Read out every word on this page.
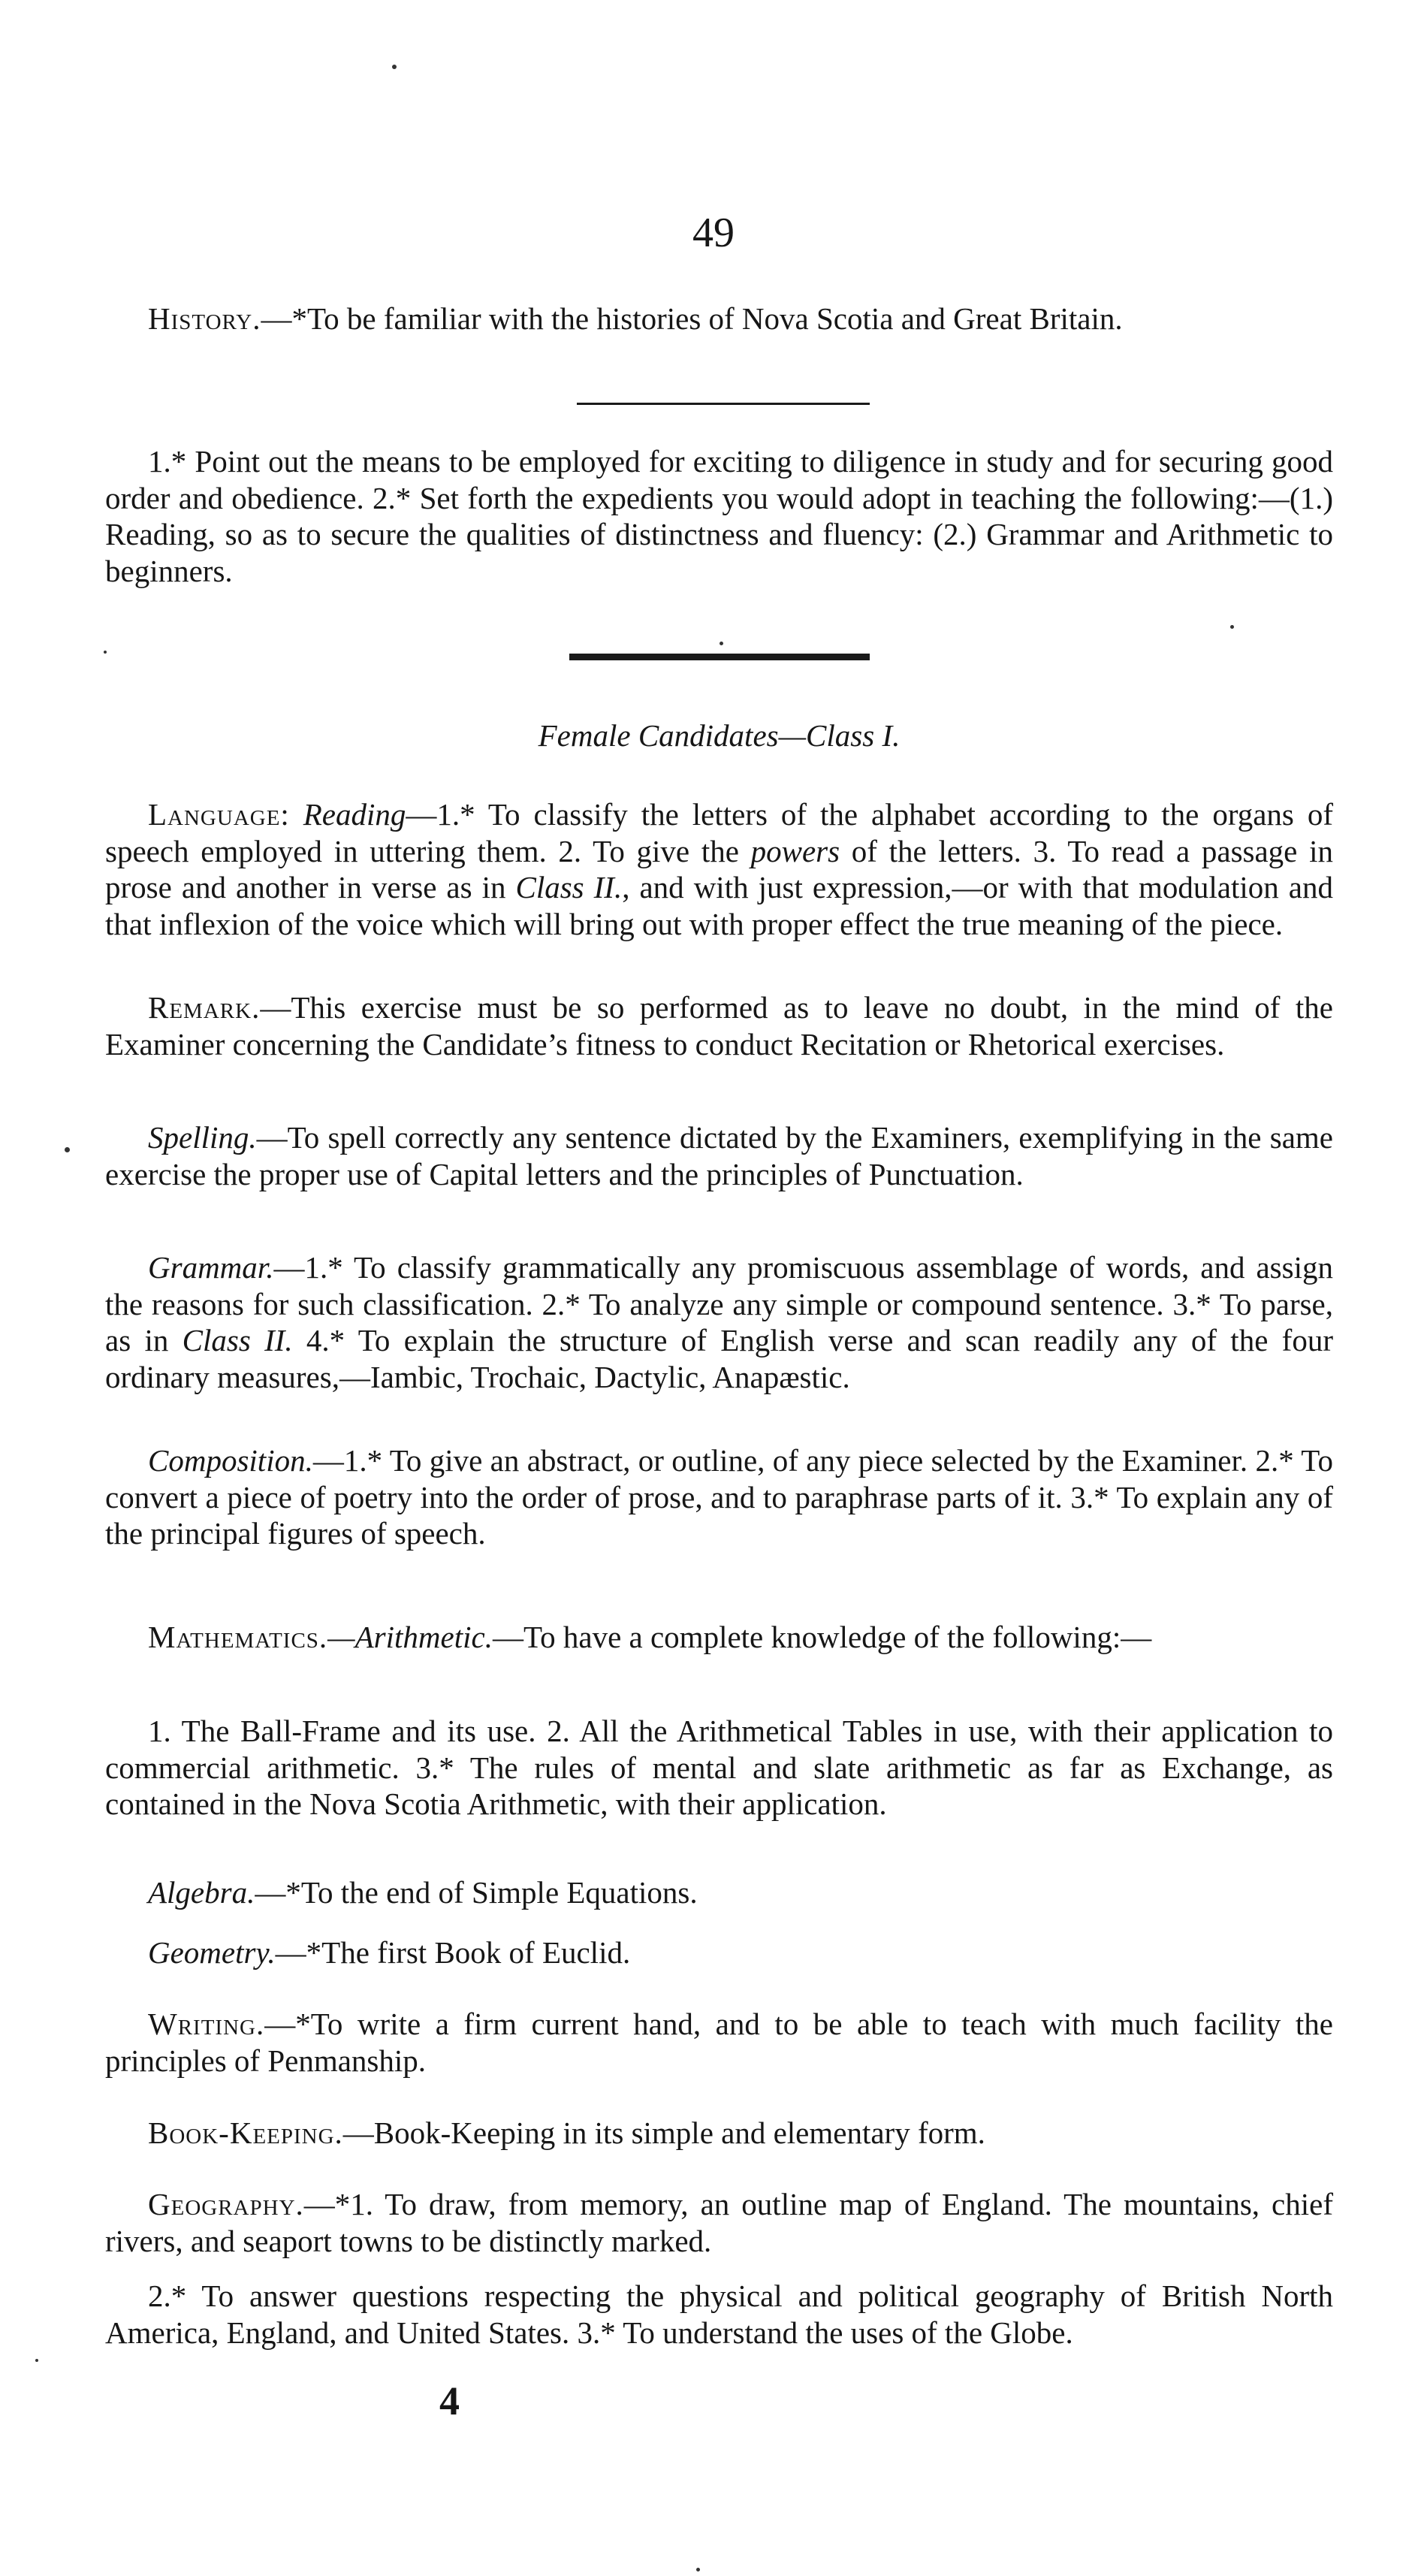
49
History.—*To be familiar with the histories of Nova Scotia and Great Britain.
1.* Point out the means to be employed for exciting to diligence in study and for securing good order and obedience. 2.* Set forth the expedients you would adopt in teaching the following:—(1.) Reading, so as to secure the qualities of distinctness and fluency: (2.) Grammar and Arithmetic to beginners.
Female Candidates—Class I.
Language: Reading—1.* To classify the letters of the alphabet according to the organs of speech employed in uttering them. 2. To give the powers of the letters. 3. To read a passage in prose and another in verse as in Class II., and with just expression,—or with that modulation and that inflexion of the voice which will bring out with proper effect the true meaning of the piece.
Remark.—This exercise must be so performed as to leave no doubt, in the mind of the Examiner concerning the Candidate’s fitness to conduct Recitation or Rhetorical exercises.
Spelling.—To spell correctly any sentence dictated by the Examiners, exemplifying in the same exercise the proper use of Capital letters and the principles of Punctuation.
Grammar.—1.* To classify grammatically any promiscuous assemblage of words, and assign the reasons for such classification. 2.* To analyze any simple or compound sentence. 3.* To parse, as in Class II. 4.* To explain the structure of English verse and scan readily any of the four ordinary measures,—Iambic, Trochaic, Dactylic, Anapæstic.
Composition.—1.* To give an abstract, or outline, of any piece selected by the Examiner. 2.* To convert a piece of poetry into the order of prose, and to paraphrase parts of it. 3.* To explain any of the principal figures of speech.
Mathematics.—Arithmetic.—To have a complete knowledge of the following:—
1. The Ball-Frame and its use. 2. All the Arithmetical Tables in use, with their application to commercial arithmetic. 3.* The rules of mental and slate arithmetic as far as Exchange, as contained in the Nova Scotia Arithmetic, with their application.
Algebra.—*To the end of Simple Equations.
Geometry.—*The first Book of Euclid.
Writing.—*To write a firm current hand, and to be able to teach with much facility the principles of Penmanship.
Book-Keeping.—Book-Keeping in its simple and elementary form.
Geography.—*1. To draw, from memory, an outline map of England. The mountains, chief rivers, and seaport towns to be distinctly marked.
2.* To answer questions respecting the physical and political geography of British North America, England, and United States. 3.* To understand the uses of the Globe.
4
